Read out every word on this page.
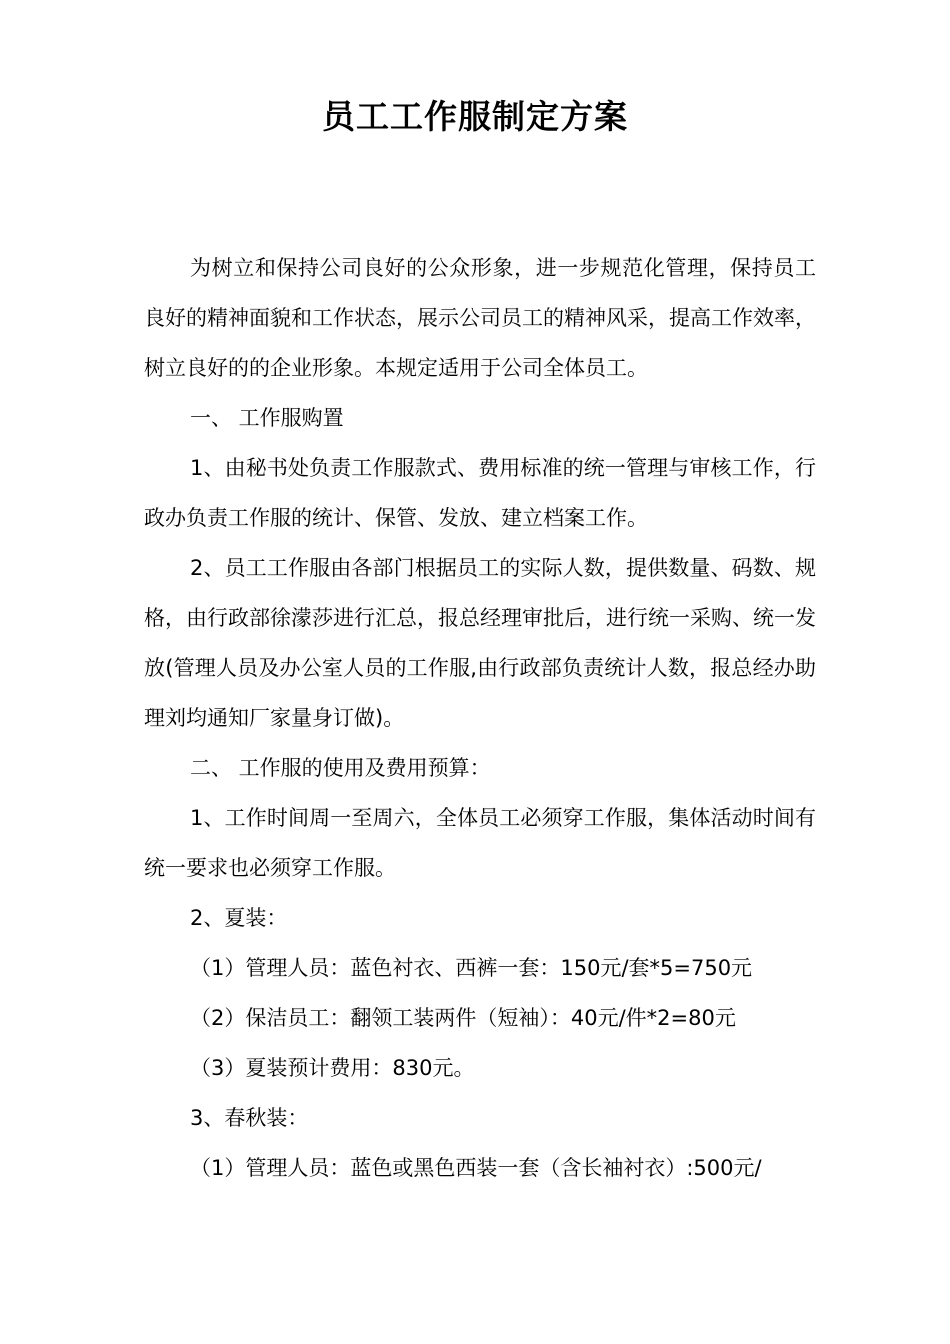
员工工作服制定方案

为树立和保持公司良好的公众形象，进一步规范化管理，保持员工良好的精神面貌和工作状态，展示公司员工的精神风采，提高工作效率，树立良好的的企业形象。本规定适用于公司全体员工。

一、 工作服购置

1、由秘书处负责工作服款式、费用标准的统一管理与审核工作，行政办负责工作服的统计、保管、发放、建立档案工作。

2、员工工作服由各部门根据员工的实际人数，提供数量、码数、规格，由行政部徐濛莎进行汇总，报总经理审批后，进行统一采购、统一发放(管理人员及办公室人员的工作服,由行政部负责统计人数，报总经办助理刘均通知厂家量身订做)。

二、 工作服的使用及费用预算：

1、工作时间周一至周六，全体员工必须穿工作服，集体活动时间有统一要求也必须穿工作服。

2、夏装：

（1）管理人员：蓝色衬衣、西裤一套：150元/套*5=750元

（2）保洁员工：翻领工装两件（短袖）：40元/件*2=80元

（3）夏装预计费用：830元。

3、春秋装：

（1）管理人员：蓝色或黑色西装一套（含长袖衬衣）:500元/
